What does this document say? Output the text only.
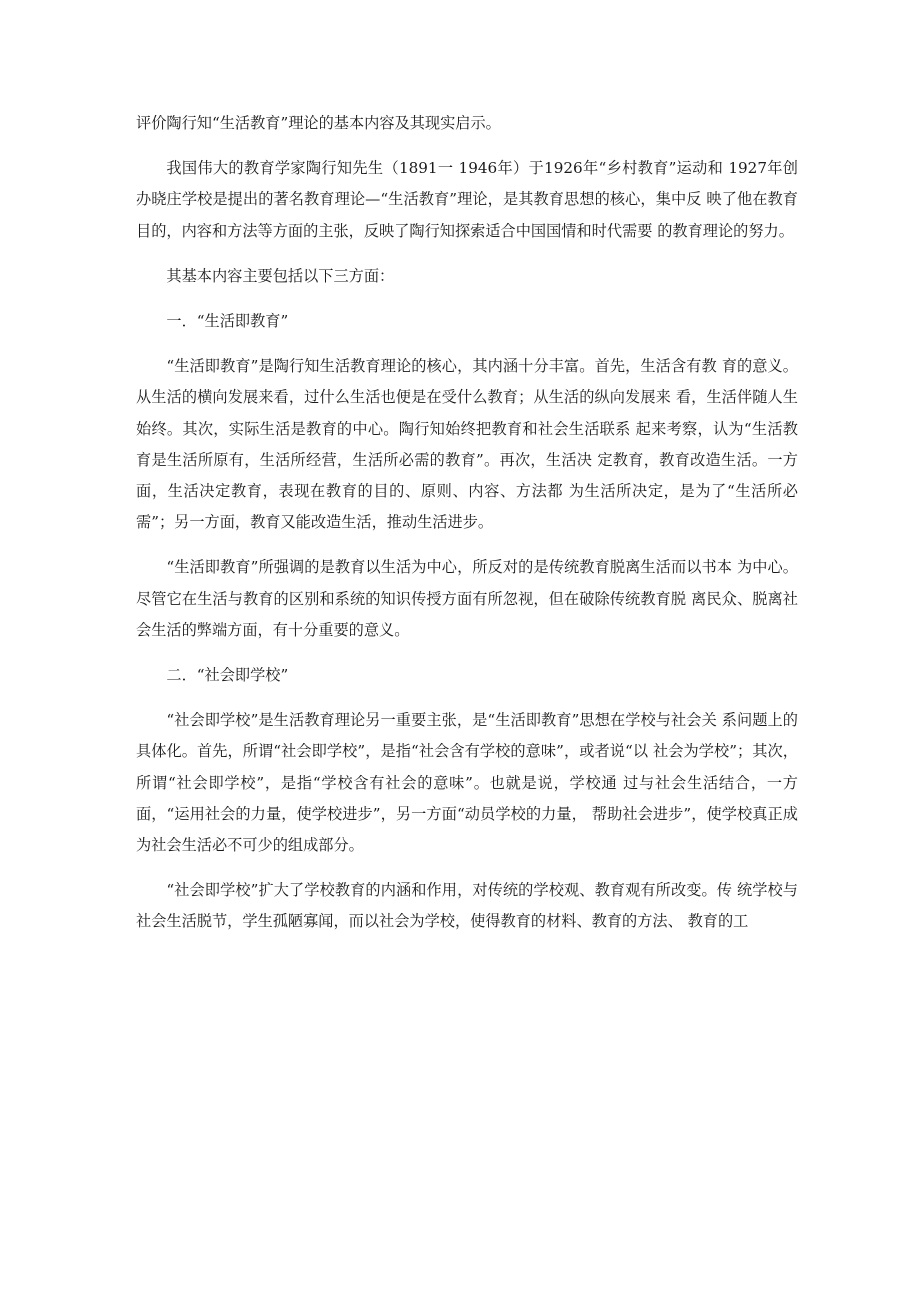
评价陶行知“生活教育”理论的基本内容及其现实启示。

我国伟大的教育学家陶行知先生（1891一 1946年）于1926年“乡村教育”运动和 1927年创办晓庄学校是提出的著名教育理论—“生活教育”理论，是其教育思想的核心，集中反 映了他在教育目的，内容和方法等方面的主张，反映了陶行知探索适合中国国情和时代需要 的教育理论的努力。

其基本内容主要包括以下三方面：

一．“生活即教育”

“生活即教育”是陶行知生活教育理论的核心，其内涵十分丰富。首先，生活含有教 育的意义。从生活的横向发展来看，过什么生活也便是在受什么教育；从生活的纵向发展来 看，生活伴随人生始终。其次，实际生活是教育的中心。陶行知始终把教育和社会生活联系 起来考察，认为“生活教育是生活所原有，生活所经营，生活所必需的教育”。再次，生活决 定教育，教育改造生活。一方面，生活决定教育，表现在教育的目的、原则、内容、方法都 为生活所决定，是为了“生活所必需”；另一方面，教育又能改造生活，推动生活进步。

“生活即教育”所强调的是教育以生活为中心，所反对的是传统教育脱离生活而以书本 为中心。尽管它在生活与教育的区别和系统的知识传授方面有所忽视，但在破除传统教育脱 离民众、脱离社会生活的弊端方面，有十分重要的意义。

二．“社会即学校”

“社会即学校”是生活教育理论另一重要主张，是“生活即教育”思想在学校与社会关 系问题上的具体化。首先，所谓“社会即学校”，是指“社会含有学校的意味”，或者说“以 社会为学校”；其次，所谓“社会即学校”，是指“学校含有社会的意味”。也就是说，学校通 过与社会生活结合，一方面，“运用社会的力量，使学校进步”，另一方面“动员学校的力量， 帮助社会进步”，使学校真正成为社会生活必不可少的组成部分。

“社会即学校”扩大了学校教育的内涵和作用，对传统的学校观、教育观有所改变。传 统学校与社会生活脱节，学生孤陋寡闻，而以社会为学校，使得教育的材料、教育的方法、 教育的工
